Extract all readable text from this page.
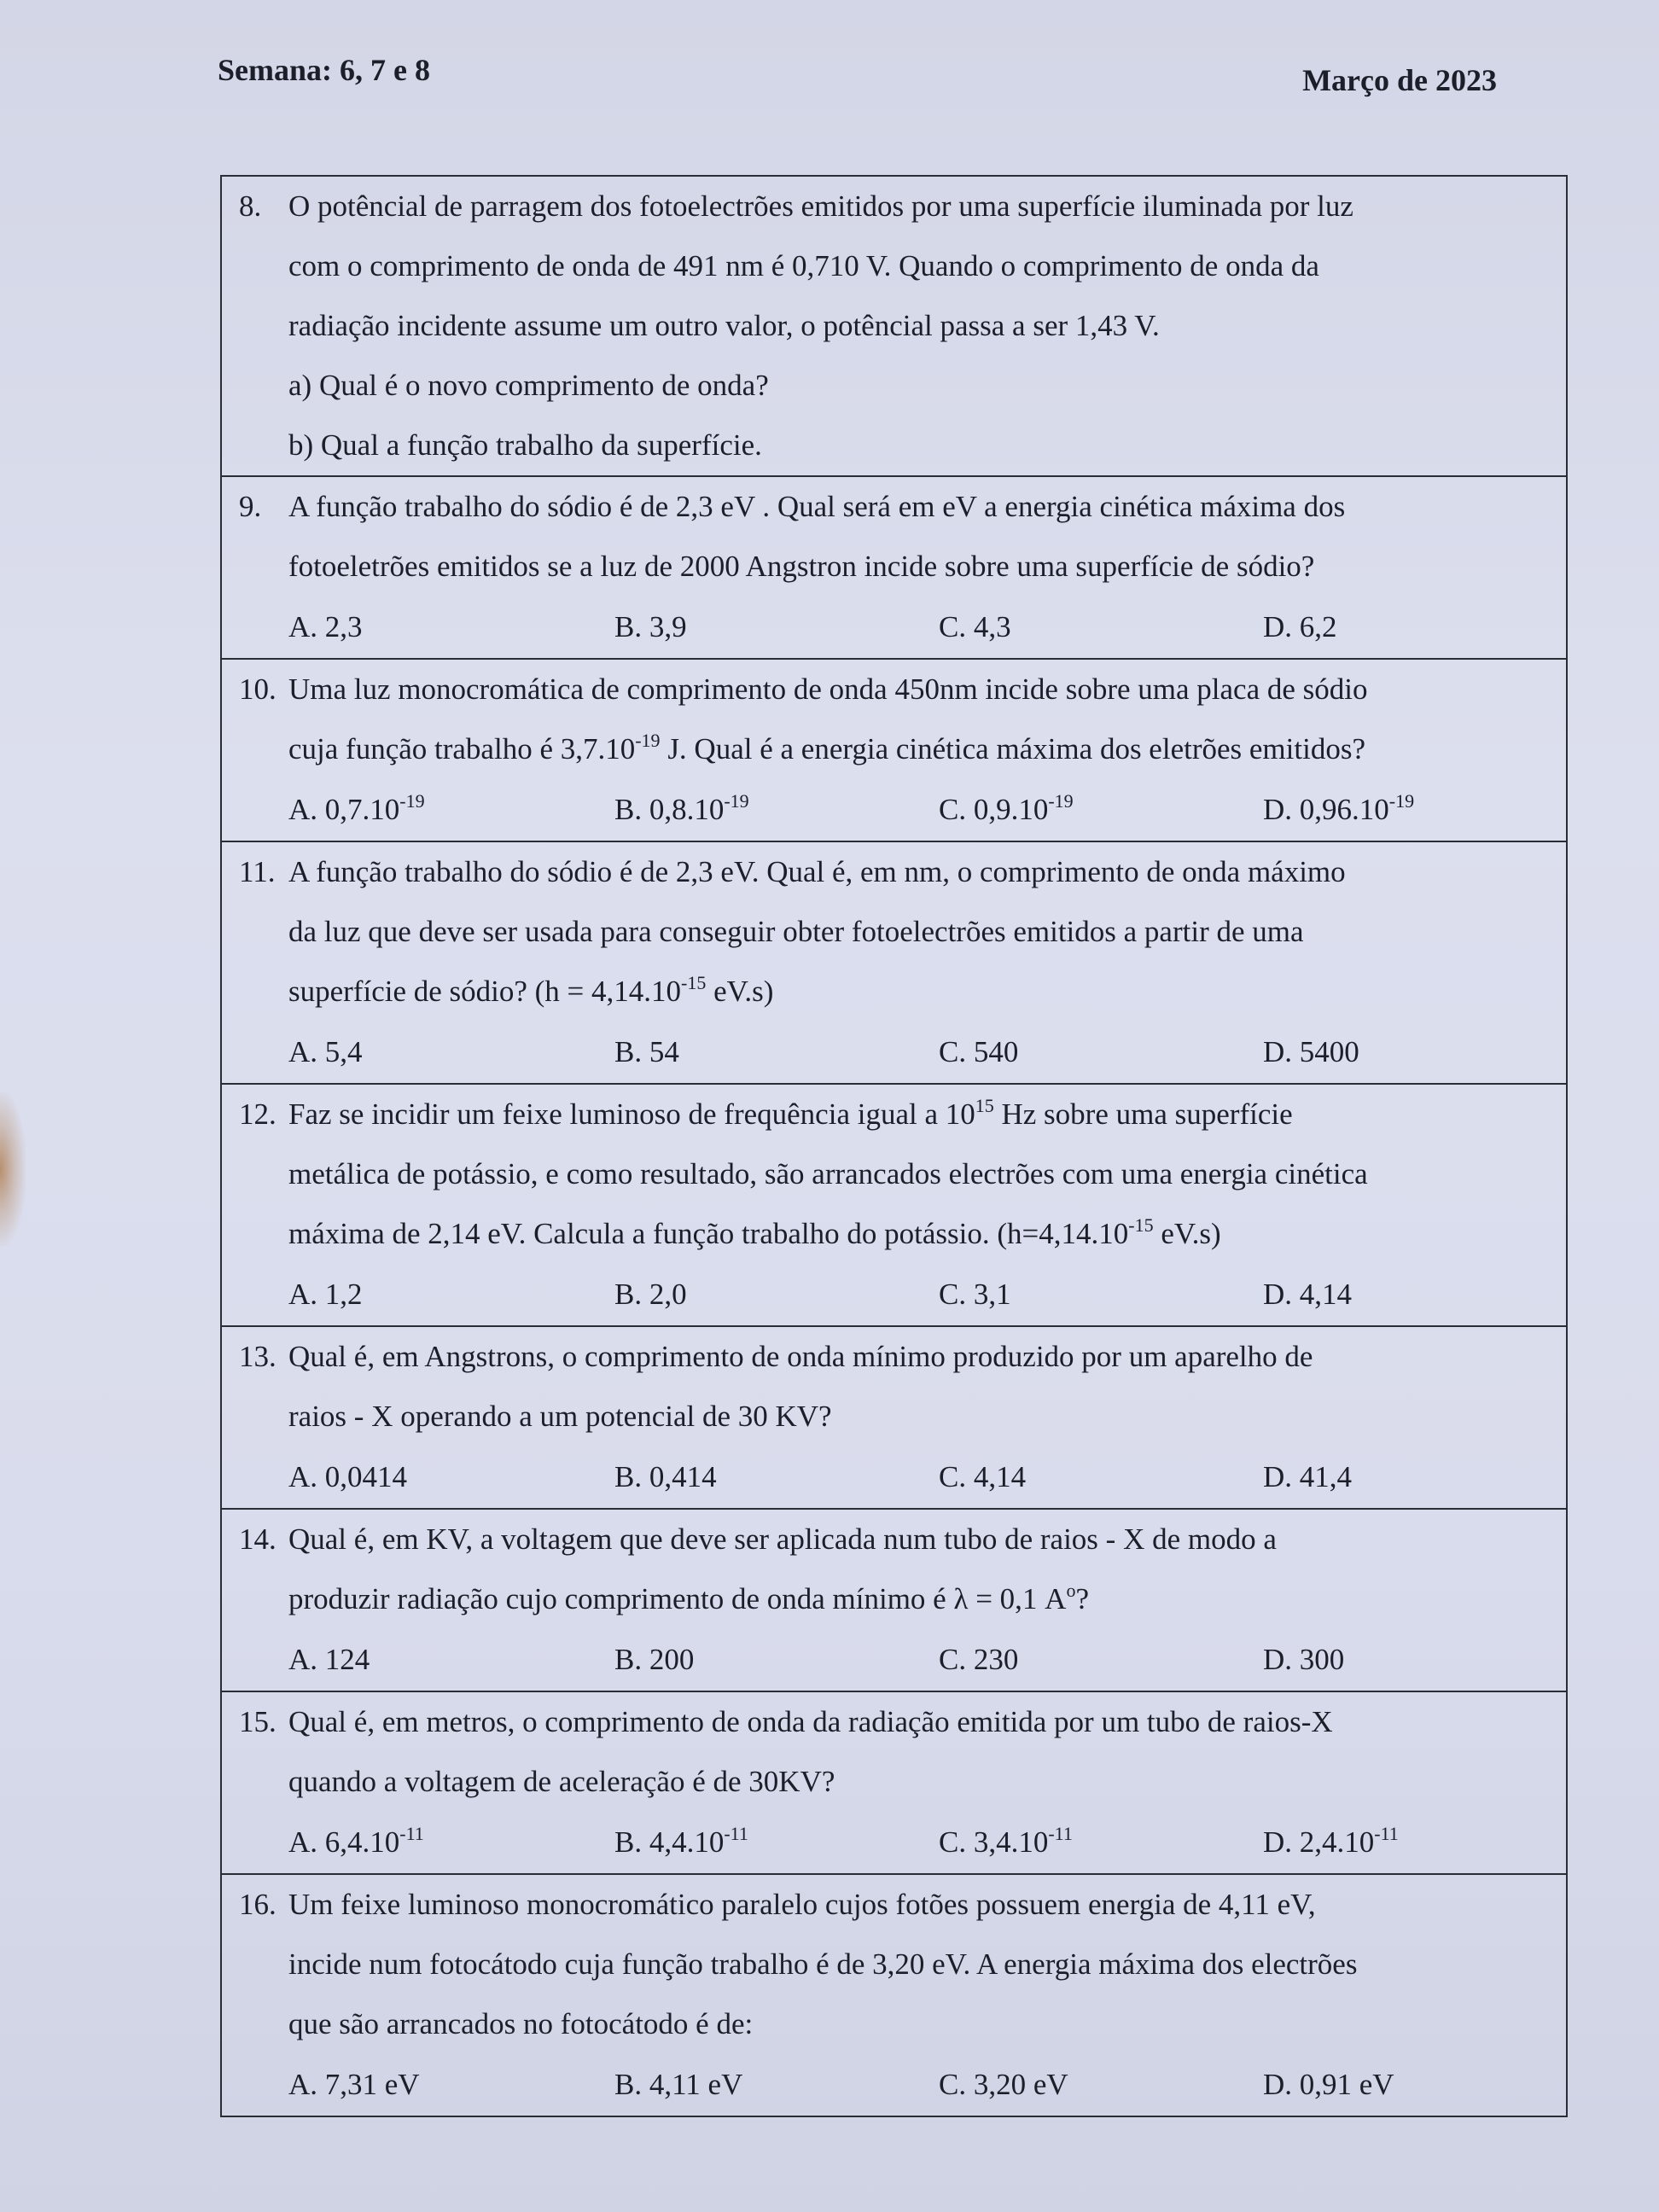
Semana: 6, 7 e 8	Março de 2023
8. O potêncial de parragem dos fotoelectrões emitidos por uma superfície iluminada por luz
com o comprimento de onda de 491 nm é 0,710 V. Quando o comprimento de onda da
radiação incidente assume um outro valor, o potêncial passa a ser 1,43 V.
a) Qual é o novo comprimento de onda?
b) Qual a função trabalho da superfície.
9. A função trabalho do sódio é de 2,3 eV . Qual será em eV a energia cinética máxima dos
fotoeletrões emitidos se a luz de 2000 Angstron incide sobre uma superfície de sódio?
A. 2,3	B. 3,9	C. 4,3	D. 6,2
10. Uma luz monocromática de comprimento de onda 450nm incide sobre uma placa de sódio
cuja função trabalho é $3,7.10^{-19}$ J. Qual é a energia cinética máxima dos eletrões emitidos?
A. $0,7.10^{-19}$	B. $0,8.10^{-19}$	C. $0,9.10^{-19}$	D. $0,96.10^{-19}$
11. A função trabalho do sódio é de 2,3 eV. Qual é, em nm, o comprimento de onda máximo
da luz que deve ser usada para conseguir obter fotoelectrões emitidos a partir de uma
superfície de sódio? ($h = 4,14.10^{-15}$ eV.s)
A. 5,4	B. 54	C. 540	D. 5400
12. Faz se incidir um feixe luminoso de frequência igual a $10^{15}$ Hz sobre uma superfície
metálica de potássio, e como resultado, são arrancados electrões com uma energia cinética
máxima de 2,14 eV. Calcula a função trabalho do potássio. ($h=4,14.10^{-15}$ eV.s)
A. 1,2	B. 2,0	C. 3,1	D. 4,14
13. Qual é, em Angstrons, o comprimento de onda mínimo produzido por um aparelho de
raios - X operando a um potencial de 30 KV?
A. 0,0414	B. 0,414	C. 4,14	D. 41,4
14. Qual é, em KV, a voltagem que deve ser aplicada num tubo de raios - X de modo a
produzir radiação cujo comprimento de onda mínimo é λ = 0,1 $A^o$?
A. 124	B. 200	C. 230	D. 300
15. Qual é, em metros, o comprimento de onda da radiação emitida por um tubo de raios-X
quando a voltagem de aceleração é de 30KV?
A. $6,4.10^{-11}$	B. $4,4.10^{-11}$	C. $3,4.10^{-11}$	D. $2,4.10^{-11}$
16. Um feixe luminoso monocromático paralelo cujos fotões possuem energia de 4,11 eV,
incide num fotocátodo cuja função trabalho é de 3,20 eV. A energia máxima dos electrões
que são arrancados no fotocátodo é de:
A. 7,31 eV	B. 4,11 eV	C. 3,20 eV	D. 0,91 eV
